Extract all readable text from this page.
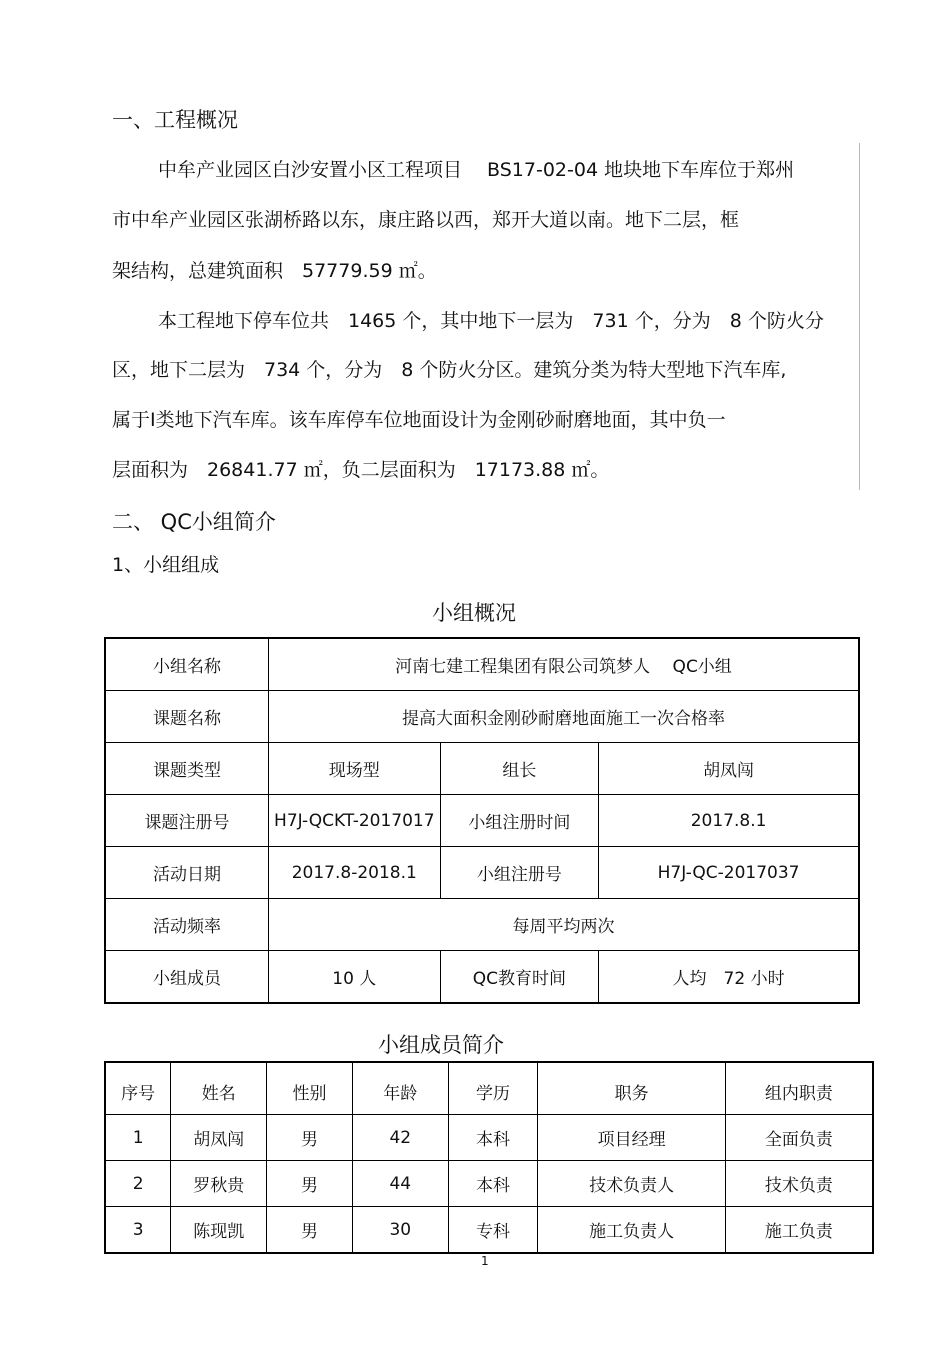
一、工程概况
中牟产业园区白沙安置小区工程项目　 BS17-02-04 地块地下车库位于郑州
市中牟产业园区张湖桥路以东，康庄路以西，郑开大道以南。地下二层，框
架结构，总建筑面积　57779.59 ㎡。
本工程地下停车位共　1465 个，其中地下一层为　731 个，分为　8 个防火分
区，地下二层为　734 个，分为　8 个防火分区。建筑分类为特大型地下汽车库,
属于Ⅰ类地下汽车库。该车库停车位地面设计为金刚砂耐磨地面，其中负一
层面积为　26841.77 ㎡，负二层面积为　17173.88 ㎡。
二、 QC小组简介
1、小组组成
小组概况
小组名称	河南七建工程集团有限公司筑梦人　 QC小组		
课题名称	提高大面积金刚砂耐磨地面施工一次合格率		
课题类型	现场型	组长	胡凤闯
课题注册号	H7J-QCKT-2017017	小组注册时间	2017.8.1
活动日期	2017.8-2018.1	小组注册号	H7J-QC-2017037
活动频率	每周平均两次		
小组成员	10 人	QC教育时间	人均　72 小时
小组成员简介
序号	姓名	性别	年龄	学历	职务	组内职责
1	胡凤闯	男	42	本科	项目经理	全面负责
2	罗秋贵	男	44	本科	技术负责人	技术负责
3	陈现凯	男	30	专科	施工负责人	施工负责
1
